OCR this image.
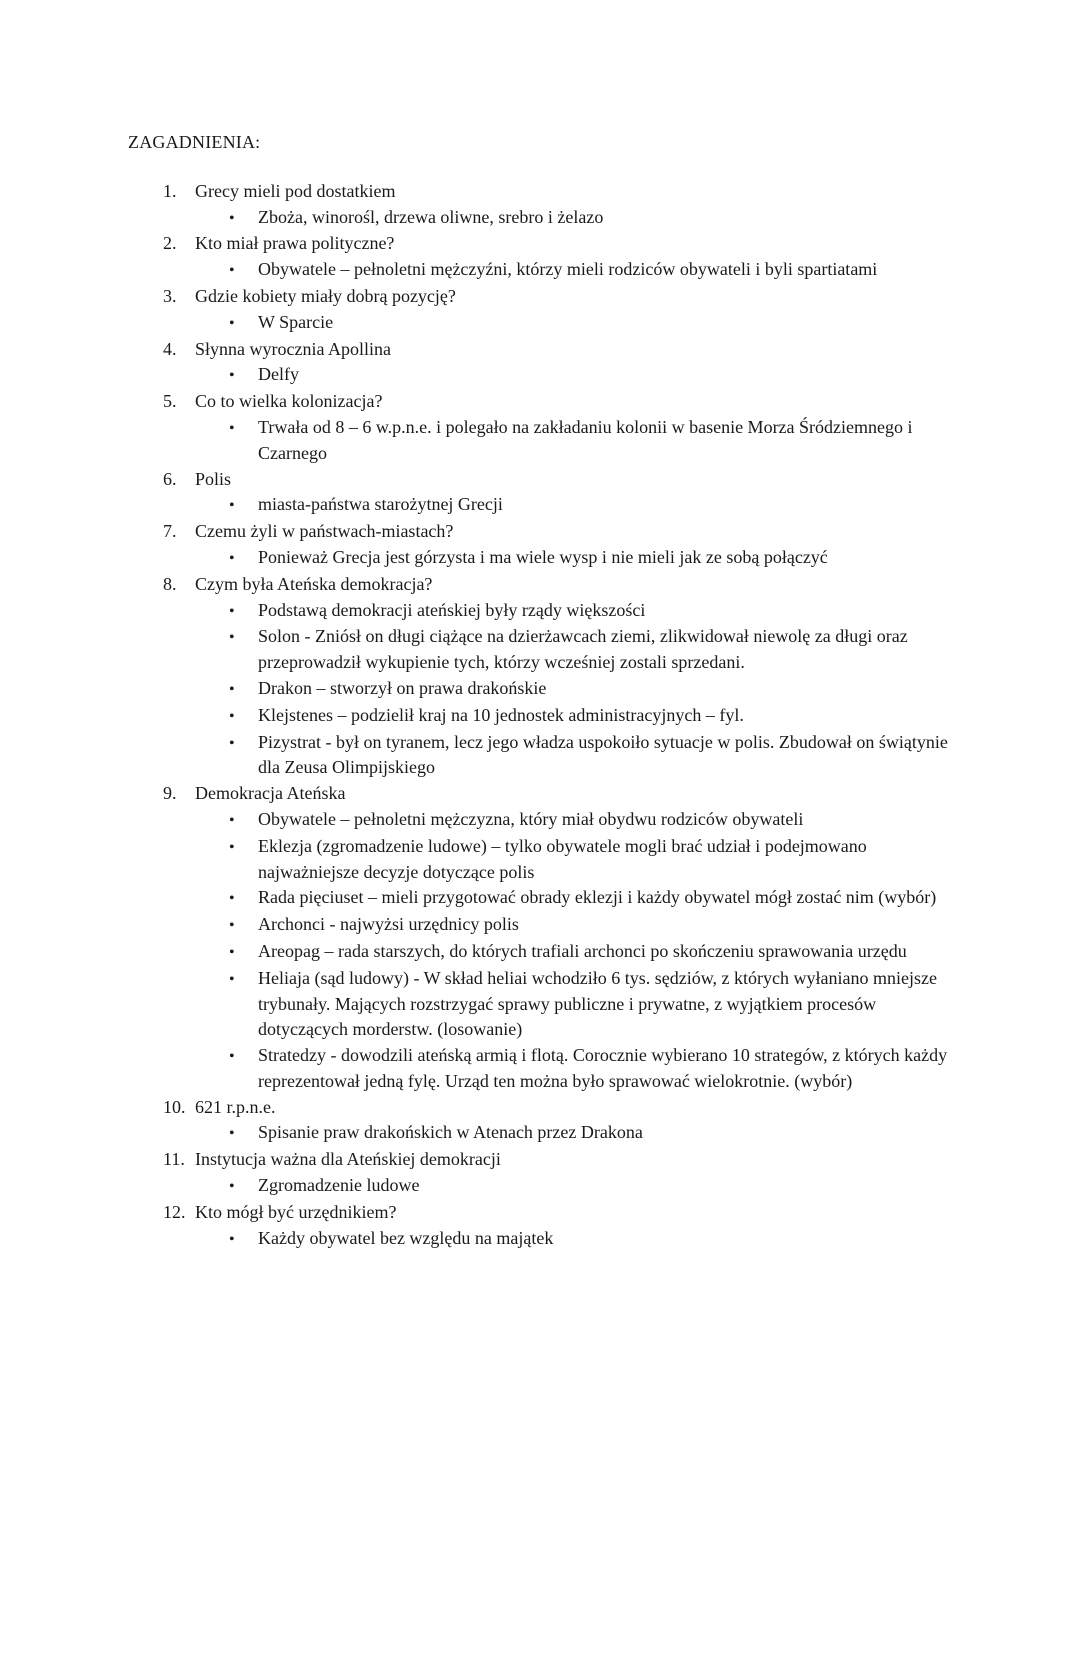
ZAGADNIENIA:
1.	Grecy mieli pod dostatkiem
•	Zboża, winorośl, drzewa oliwne, srebro i żelazo
2.	Kto miał prawa polityczne?
•	Obywatele – pełnoletni mężczyźni, którzy mieli rodziców obywateli i byli spartiatami
3.	Gdzie kobiety miały dobrą pozycję?
•	W Sparcie
4.	Słynna wyrocznia Apollina
•	Delfy
5.	Co to wielka kolonizacja?
•	Trwała od 8 – 6 w.p.n.e. i polegało na zakładaniu kolonii w basenie Morza Śródziemnego i Czarnego
6.	Polis
•	miasta-państwa starożytnej Grecji
7.	Czemu żyli w państwach-miastach?
•	Ponieważ Grecja jest górzysta i ma wiele wysp i nie mieli jak ze sobą połączyć
8.	Czym była Ateńska demokracja?
•	Podstawą demokracji ateńskiej były rządy większości
•	Solon - Zniósł on długi ciążące na dzierżawcach ziemi, zlikwidował niewolę za długi oraz przeprowadził wykupienie tych, którzy wcześniej zostali sprzedani.
•	Drakon – stworzył on prawa drakońskie
•	Klejstenes – podzielił kraj na 10 jednostek administracyjnych – fyl.
•	Pizystrat - był on tyranem, lecz jego władza uspokoiło sytuacje w polis. Zbudował on świątynie dla Zeusa Olimpijskiego
9.	Demokracja Ateńska
•	Obywatele – pełnoletni mężczyzna, który miał obydwu rodziców obywateli
•	Eklezja (zgromadzenie ludowe) – tylko obywatele mogli brać udział i podejmowano najważniejsze decyzje dotyczące polis
•	Rada pięciuset – mieli przygotować obrady eklezji i każdy obywatel mógł zostać nim (wybór)
•	Archonci - najwyżsi urzędnicy polis
•	Areopag – rada starszych, do których trafiali archonci po skończeniu sprawowania urzędu
•	Heliaja (sąd ludowy) - W skład heliai wchodziło 6 tys. sędziów, z których wyłaniano mniejsze trybunały. Mających rozstrzygać sprawy publiczne i prywatne, z wyjątkiem procesów dotyczących morderstw. (losowanie)
•	Stratedzy - dowodzili ateńską armią i flotą. Corocznie wybierano 10 strategów, z których każdy reprezentował jedną fylę. Urząd ten można było sprawować wielokrotnie. (wybór)
10. 621 r.p.n.e.
•	Spisanie praw drakońskich w Atenach przez Drakona
11. Instytucja ważna dla Ateńskiej demokracji
•	Zgromadzenie ludowe
12. Kto mógł być urzędnikiem?
•	Każdy obywatel bez względu na majątek
